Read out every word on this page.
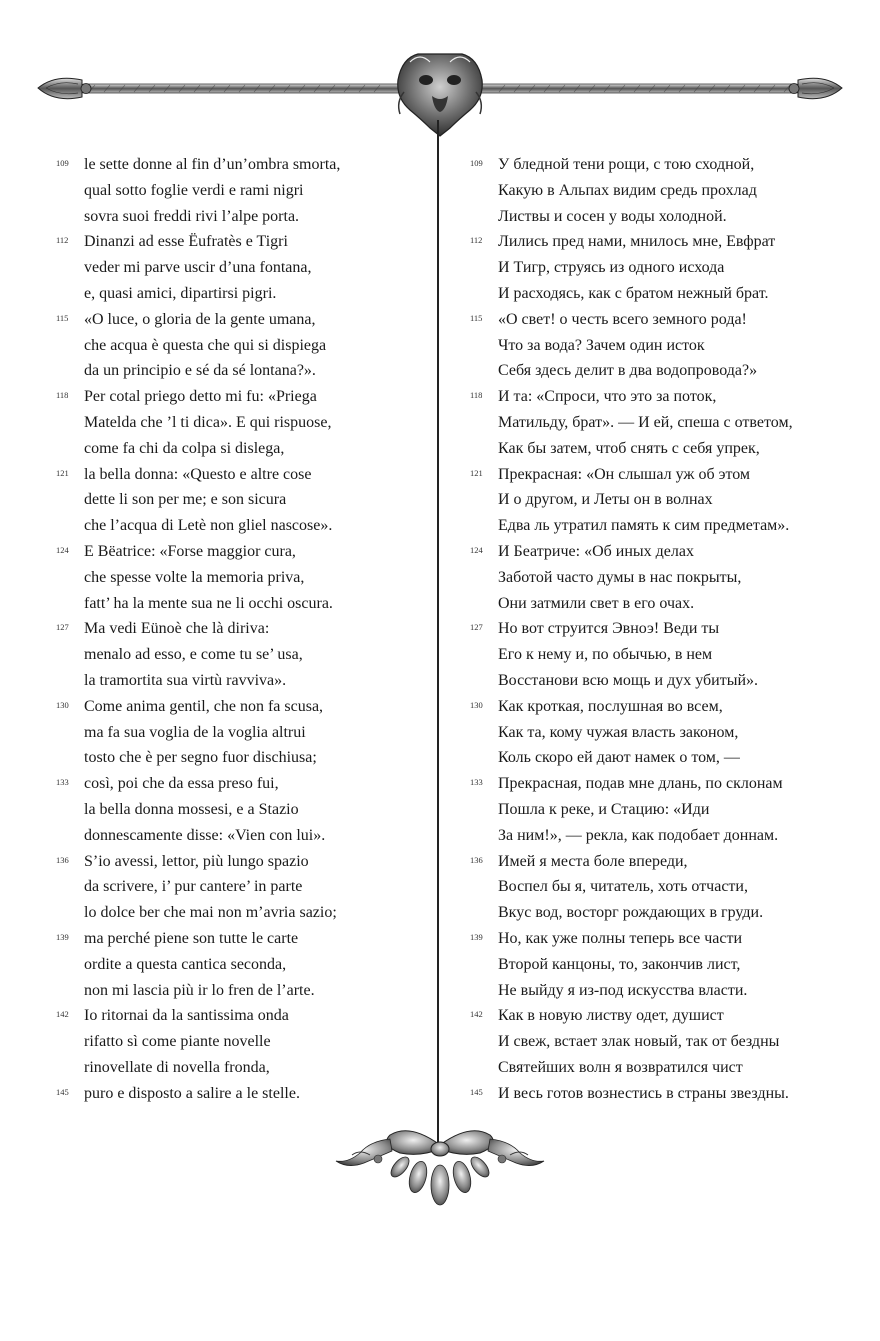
109 le sette donne al fin d’un’ombra smorta,
qual sotto foglie verdi e rami nigri
sovra suoi freddi rivi l’alpe porta.
112 Dinanzi ad esse Ëufratès e Tigri
veder mi parve uscir d’una fontana,
e, quasi amici, dipartirsi pigri.
115 «O luce, o gloria de la gente umana,
che acqua è questa che qui si dispiega
da un principio e sé da sé lontana?».
118 Per cotal priego detto mi fu: «Priega
Matelda che ’l ti dica». E qui rispuose,
come fa chi da colpa si dislega,
121 la bella donna: «Questo e altre cose
dette li son per me; e son sicura
che l’acqua di Letè non gliel nascose».
124 E Bëatrice: «Forse maggior cura,
che spesse volte la memoria priva,
fatt’ ha la mente sua ne li occhi oscura.
127 Ma vedi Eünoè che là diriva:
menalo ad esso, e come tu se’ usa,
la tramortita sua virtù ravviva».
130 Come anima gentil, che non fa scusa,
ma fa sua voglia de la voglia altrui
tosto che è per segno fuor dischiusa;
133 così, poi che da essa preso fui,
la bella donna mossesi, e a Stazio
donnescamente disse: «Vien con lui».
136 S’io avessi, lettor, più lungo spazio
da scrivere, i’ pur cantere’ in parte
lo dolce ber che mai non m’avria sazio;
139 ma perché piene son tutte le carte
ordite a questa cantica seconda,
non mi lascia più ir lo fren de l’arte.
142 Io ritornai da la santissima onda
rifatto sì come piante novelle
rinovellate di novella fronda,
145 puro e disposto a salire a le stelle.
109 У бледной тени рощи, с тою сходной,
Какую в Альпах видим средь прохлад
Листвы и сосен у воды холодной.
112 Лились пред нами, мнилось мне, Евфрат
И Тигр, струясь из одного исхода
И расходясь, как с братом нежный брат.
115 «О свет! о честь всего земного рода!
Что за вода? Зачем один исток
Себя здесь делит в два водопровода?»
118 И та: «Спроси, что это за поток,
Матильду, брат». — И ей, спеша с ответом,
Как бы затем, чтоб снять с себя упрек,
121 Прекрасная: «Он слышал уж об этом
И о другом, и Леты он в волнах
Едва ль утратил память к сим предметам».
124 И Беатриче: «Об иных делах
Заботой часто думы в нас покрыты,
Они затмили свет в его очах.
127 Но вот струится Эвноэ! Веди ты
Его к нему и, по обычью, в нем
Восстанови всю мощь и дух убитый».
130 Как кроткая, послушная во всем,
Как та, кому чужая власть законом,
Коль скоро ей дают намек о том, —
133 Прекрасная, подав мне длань, по склонам
Пошла к реке, и Стацию: «Иди
За ним!», — рекла, как подобает доннам.
136 Имей я места боле впереди,
Воспел бы я, читатель, хоть отчасти,
Вкус вод, восторг рождающих в груди.
139 Но, как уже полны теперь все части
Второй канцоны, то, закончив лист,
Не выйду я из-под искусства власти.
142 Как в новую листву одет, душист
И свеж, встает злак новый, так от бездны
Святейших волн я возвратился чист
145 И весь готов вознестись в страны звездны.
